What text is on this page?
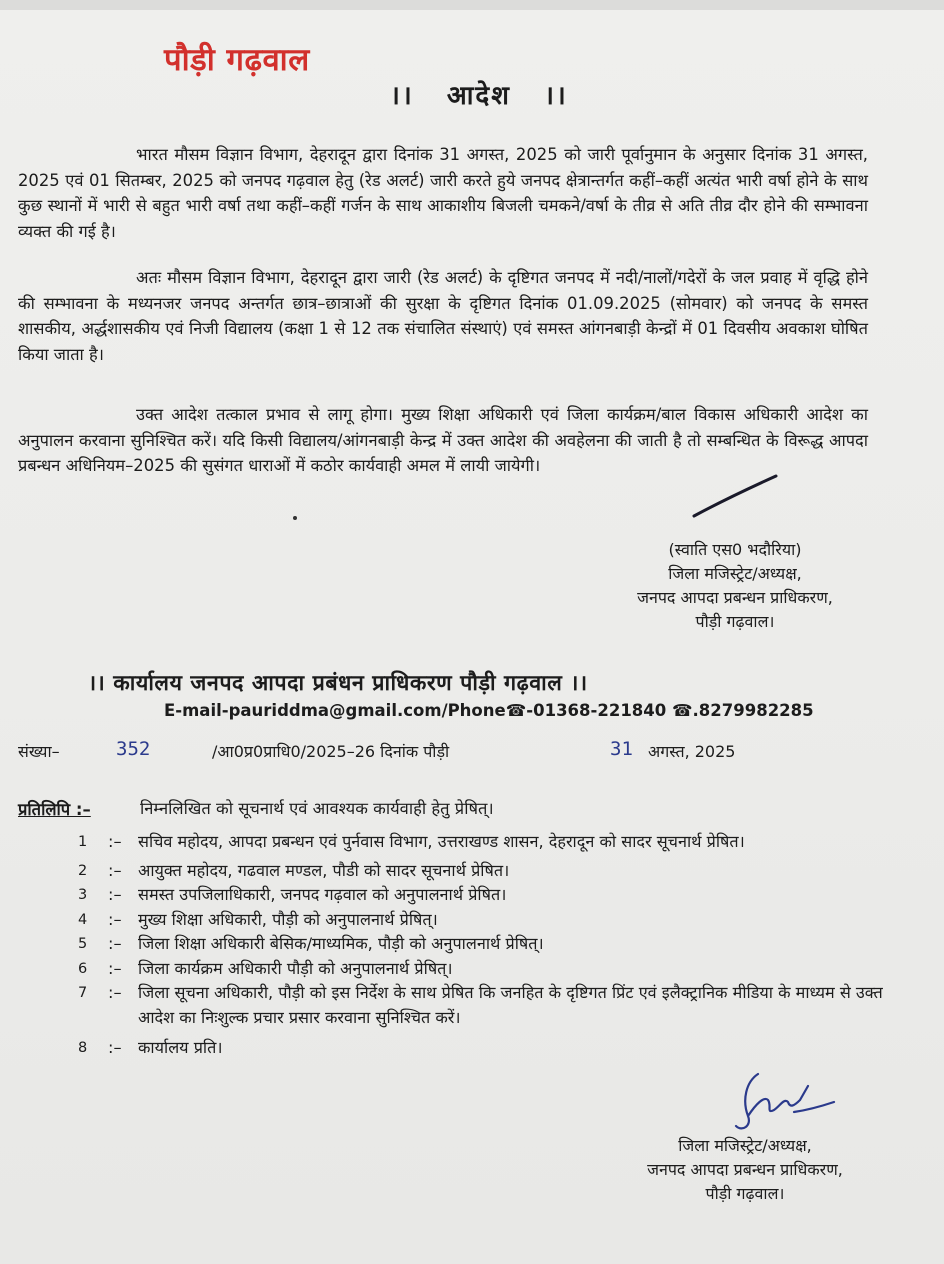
पौड़ी गढ़वाल
।।   आदेश   ।।
भारत मौसम विज्ञान विभाग, देहरादून द्वारा दिनांक 31 अगस्त, 2025 को जारी पूर्वानुमान के अनुसार दिनांक 31 अगस्त, 2025 एवं 01 सितम्बर, 2025 को जनपद गढ़वाल हेतु (रेड अलर्ट) जारी करते हुये जनपद क्षेत्रान्तर्गत कहीं–कहीं अत्यंत भारी वर्षा होने के साथ कुछ स्थानों में भारी से बहुत भारी वर्षा तथा कहीं–कहीं गर्जन के साथ आकाशीय बिजली चमकने/वर्षा के तीव्र से अति तीव्र दौर होने की सम्भावना व्यक्त की गई है।
अतः मौसम विज्ञान विभाग, देहरादून द्वारा जारी (रेड अलर्ट) के दृष्टिगत जनपद में नदी/नालों/गदेरों के जल प्रवाह में वृद्धि होने की सम्भावना के मध्यनजर जनपद अन्तर्गत छात्र–छात्राओं की सुरक्षा के दृष्टिगत दिनांक 01.09.2025 (सोमवार) को जनपद के समस्त शासकीय, अर्द्धशासकीय एवं निजी विद्यालय (कक्षा 1 से 12 तक संचालित संस्थाएं) एवं समस्त आंगनबाड़ी केन्द्रों में 01 दिवसीय अवकाश घोषित किया जाता है।
उक्त आदेश तत्काल प्रभाव से लागू होगा। मुख्य शिक्षा अधिकारी एवं जिला कार्यक्रम/बाल विकास अधिकारी आदेश का अनुपालन करवाना सुनिश्चित करें। यदि किसी विद्यालय/आंगनबाड़ी केन्द्र में उक्त आदेश की अवहेलना की जाती है तो सम्बन्धित के विरूद्ध आपदा प्रबन्धन अधिनियम–2025 की सुसंगत धाराओं में कठोर कार्यवाही अमल में लायी जायेगी।
(स्वाति एस0 भदौरिया)
जिला मजिस्ट्रेट/अध्यक्ष,
जनपद आपदा प्रबन्धन प्राधिकरण,
पौड़ी गढ़वाल।
।। कार्यालय जनपद आपदा प्रबंधन प्राधिकरण पौड़ी गढ़वाल ।।
E-mail-pauriddma@gmail.com/Phone☎-01368-221840 ☎.8279982285
संख्या–	352	/आ0प्र0प्राधि0/2025–26 दिनांक पौड़ी	31 अगस्त, 2025
प्रतिलिपि :–	निम्नलिखित को सूचनार्थ एवं आवश्यक कार्यवाही हेतु प्रेषित्।
1	:–	सचिव महोदय, आपदा प्रबन्धन एवं पुर्नवास विभाग, उत्तराखण्ड शासन, देहरादून को सादर सूचनार्थ प्रेषित।
2	:–	आयुक्त महोदय, गढवाल मण्डल, पौडी को सादर सूचनार्थ प्रेषित।
3	:–	समस्त उपजिलाधिकारी, जनपद गढ़वाल को अनुपालनार्थ प्रेषित।
4	:–	मुख्य शिक्षा अधिकारी, पौड़ी को अनुपालनार्थ प्रेषित्।
5	:–	जिला शिक्षा अधिकारी बेसिक/माध्यमिक, पौड़ी को अनुपालनार्थ प्रेषित्।
6	:–	जिला कार्यक्रम अधिकारी पौड़ी को अनुपालनार्थ प्रेषित्।
7	:–	जिला सूचना अधिकारी, पौड़ी को इस निर्देश के साथ प्रेषित कि जनहित के दृष्टिगत प्रिंट एवं इलैक्ट्रानिक मीडिया के माध्यम से उक्त आदेश का निःशुल्क प्रचार प्रसार करवाना सुनिश्चित करें।
8	:–	कार्यालय प्रति।
जिला मजिस्ट्रेट/अध्यक्ष,
जनपद आपदा प्रबन्धन प्राधिकरण,
पौड़ी गढ़वाल।
